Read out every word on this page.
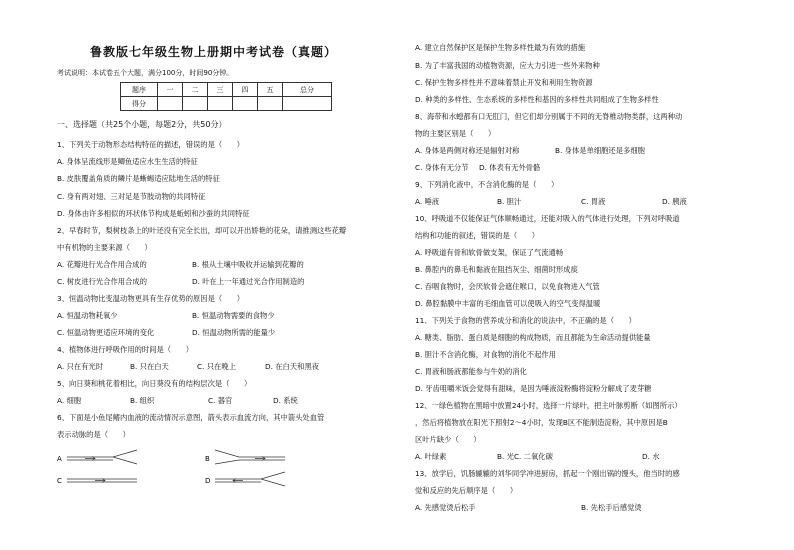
鲁教版七年级生物上册期中考试卷（真题）
考试说明：本试卷五个大题，满分100分，时间90分钟。
题序	一	二	三	四	五	总分
得分						
一、选择题（共25个小题，每题2分，共50分）
1、下列关于动物形态结构特征的描述，错误的是（　　）
A. 身体呈流线形是鲫鱼适应水生生活的特征
B. 皮肤覆盖角质的鳞片是蜥蜴适应陆地生活的特征
C. 身有两对翅、三对足是节肢动物的共同特征
D. 身体由许多相似的环状体节构成是蚯蚓和沙蚕的共同特征
2、早春时节，梨树枝条上的叶还没有完全长出，却可以开出娇艳的花朵，请推测这些花瓣
中有机物的主要来源（　　）
A. 花瓣进行光合作用合成的	B. 根从土壤中吸收并运输到花瓣的
C. 树皮进行光合作用合成的	D. 叶在上一年通过光合作用制造的
3、恒温动物比变温动物更具有生存优势的原因是（　　）
A. 恒温动物耗氧少	B. 恒温动物需要的食物少
C. 恒温动物更适应环境的变化	D. 恒温动物所需的能量少
4、植物体进行呼吸作用的时间是（　　）
A. 只在有光时	B. 只在白天	C. 只在晚上	D. 在白天和黑夜
5、向日葵和桃花着相比，向日葵没有的结构层次是（　　）
A. 细胞	B. 组织	C. 器官	D. 系统
6、下面是小鱼尾鳍内血液的流动情况示意图，箭头表示血流方向，其中箭头处血管
表示动脉的是（　　）
A	B
C	D
A. 建立自然保护区是保护生物多样性最为有效的措施
B. 为了丰富我国的动植物资源，应大力引进一些外来物种
C. 保护生物多样性并不意味着禁止开发和利用生物资源
D. 种类的多样性、生态系统的多样性和基因的多样性共同组成了生物多样性
8、海带和水螅都有口无肛门，但它们却分别属于不同的无脊椎动物类群，这两种动
物的主要区别是（　　）
A. 身体是两侧对称还是辐射对称	B. 身体是单细胞还是多细胞
C. 身体有无分节 D. 体表有无外骨骼
9、下列消化液中，不含消化酶的是（　　）
A. 唾液	B. 胆汁	C. 胃液	D. 胰液
10、呼吸道不仅能保证气体顺畅通过，还能对吸入的气体进行处理，下列对呼吸道
结构和功能的叙述，错误的是（　　）
A. 呼吸道有骨和软骨做支架，保证了气流通畅
B. 鼻腔内的鼻毛和黏液在阻挡灰尘、细菌时形成痰
C. 吞咽食物时，会厌软骨会遮住喉口，以免食物进入气管
D. 鼻腔黏膜中丰富的毛细血管可以使吸入的空气变得温暖
11、下列关于食物的营养成分和消化的说法中，不正确的是（　　）
A. 糖类、脂肪、蛋白质是细胞的构成物质，而且都能为生命活动提供能量
B. 胆汁不含消化酶，对食物的消化不起作用
C. 胃液和肠液都能参与牛奶的消化
D. 牙齿咀嚼米饭会觉得有甜味，是因为唾液淀粉酶将淀粉分解成了麦芽糖
12、一绿色植物在黑暗中放置24小时，选择一片绿叶，把主叶脉剪断（如图所示）
，然后将植物放在阳光下照射2～4小时，发现B区不能制造淀粉，其中原因是B
区叶片缺少（　　）
A. 叶绿素	B. 光C. 二氧化碳	D. 水
13、放学后，饥肠辘辘的刘华同学冲进厨房，抓起一个刚出锅的馒头，他当时的感
觉和反应的先后顺序是（　　）
A. 先感觉烫后松手	B. 先松手后感觉烫
